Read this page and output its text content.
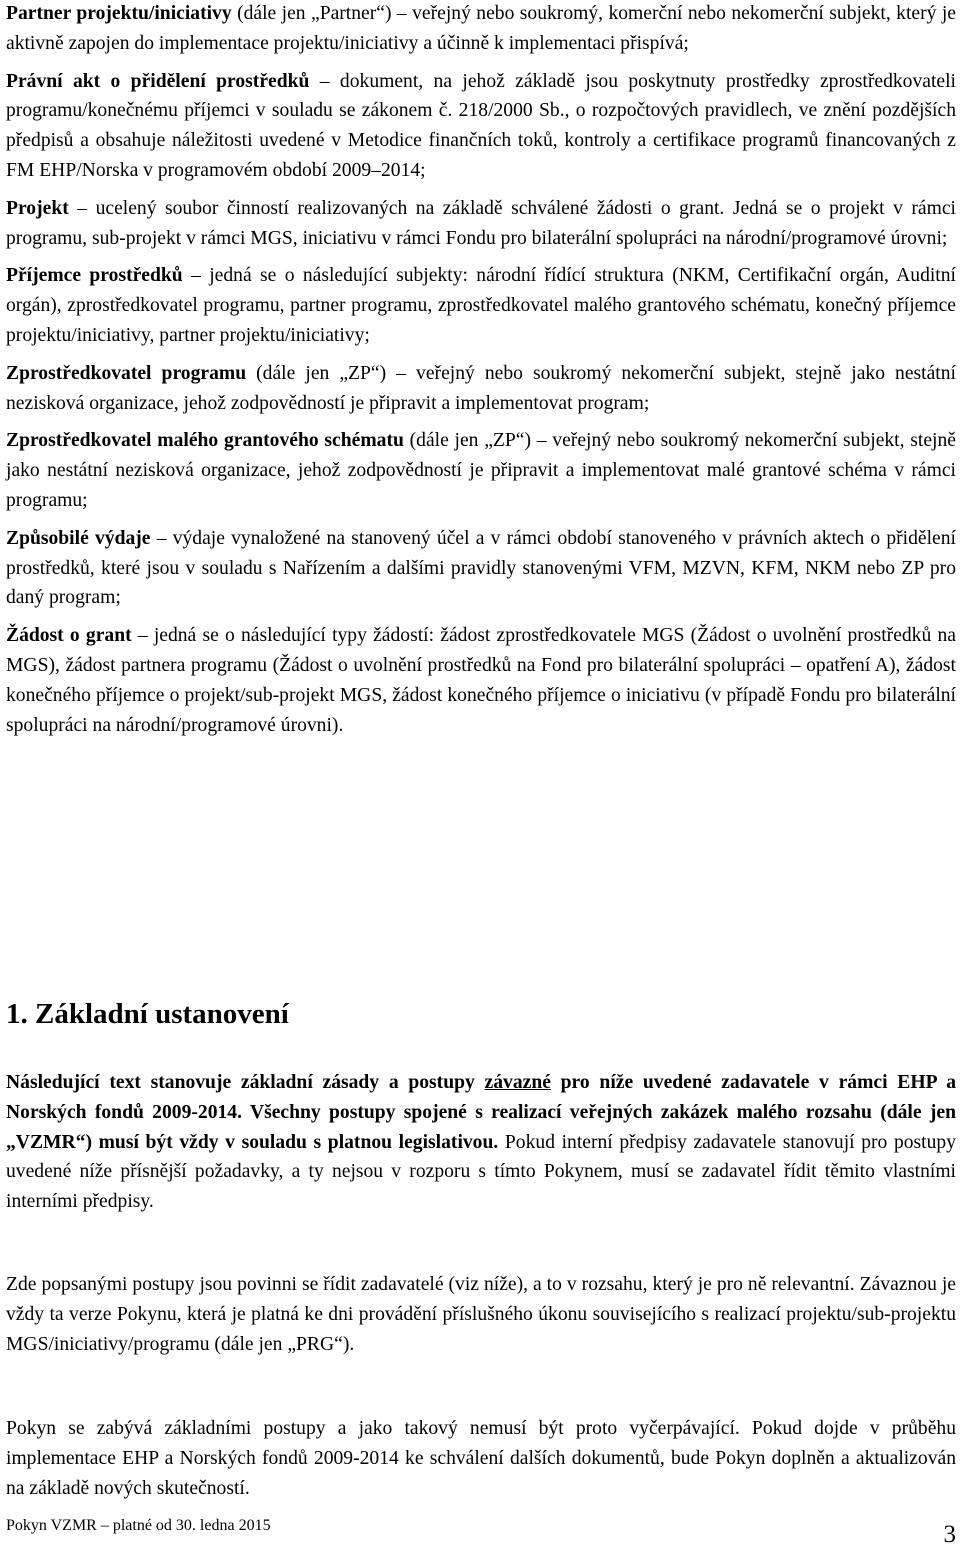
Partner projektu/iniciativy (dále jen „Partner“) – veřejný nebo soukromý, komerční nebo nekomerční subjekt, který je aktivně zapojen do implementace projektu/iniciativy a účinně k implementaci přispívá;

Právní akt o přidělení prostředků – dokument, na jehož základě jsou poskytnuty prostředky zprostředkovateli programu/konečnému příjemci v souladu se zákonem č. 218/2000 Sb., o rozpočtových pravidlech, ve znění pozdějších předpisů a obsahuje náležitosti uvedené v Metodice finančních toků, kontroly a certifikace programů financovaných z FM EHP/Norska v programovém období 2009–2014;

Projekt – ucelený soubor činností realizovaných na základě schválené žádosti o grant. Jedná se o projekt v rámci programu, sub-projekt v rámci MGS, iniciativu v rámci Fondu pro bilaterální spolupráci na národní/programové úrovni;

Příjemce prostředků – jedná se o následující subjekty: národní řídící struktura (NKM, Certifikační orgán, Auditní orgán), zprostředkovatel programu, partner programu, zprostředkovatel malého grantového schématu, konečný příjemce projektu/iniciativy, partner projektu/iniciativy;

Zprostředkovatel programu (dále jen „ZP“) – veřejný nebo soukromý nekomerční subjekt, stejně jako nestátní nezisková organizace, jehož zodpovědností je připravit a implementovat program;

Zprostředkovatel malého grantového schématu (dále jen „ZP“) – veřejný nebo soukromý nekomerční subjekt, stejně jako nestátní nezisková organizace, jehož zodpovědností je připravit a implementovat malé grantové schéma v rámci programu;

Způsobilé výdaje – výdaje vynaložené na stanovený účel a v rámci období stanoveného v právních aktech o přidělení prostředků, které jsou v souladu s Nařízením a dalšími pravidly stanovenými VFM, MZVN, KFM, NKM nebo ZP pro daný program;

Žádost o grant – jedná se o následující typy žádostí: žádost zprostředkovatele MGS (Žádost o uvolnění prostředků na MGS), žádost partnera programu (Žádost o uvolnění prostředků na Fond pro bilaterální spolupráci – opatření A), žádost konečného příjemce o projekt/sub-projekt MGS, žádost konečného příjemce o iniciativu (v případě Fondu pro bilaterální spolupráci na národní/programové úrovni).

1. Základní ustanovení

Následující text stanovuje základní zásady a postupy závazné pro níže uvedené zadavatele v rámci EHP a Norských fondů 2009-2014. Všechny postupy spojené s realizací veřejných zakázek malého rozsahu (dále jen „VZMR“) musí být vždy v souladu s platnou legislativou. Pokud interní předpisy zadavatele stanovují pro postupy uvedené níže přísnější požadavky, a ty nejsou v rozporu s tímto Pokynem, musí se zadavatel řídit těmito vlastními interními předpisy.

Zde popsanými postupy jsou povinni se řídit zadavatelé (viz níže), a to v rozsahu, který je pro ně relevantní. Závaznou je vždy ta verze Pokynu, která je platná ke dni provádění příslušného úkonu souvisejícího s realizací projektu/sub-projektu MGS/iniciativy/programu (dále jen „PRG“).

Pokyn se zabývá základními postupy a jako takový nemusí být proto vyčerpávající. Pokud dojde v průběhu implementace EHP a Norských fondů 2009-2014 ke schválení dalších dokumentů, bude Pokyn doplněn a aktualizován na základě nových skutečností.

Pokyn VZMR – platné od 30. ledna 2015	3
